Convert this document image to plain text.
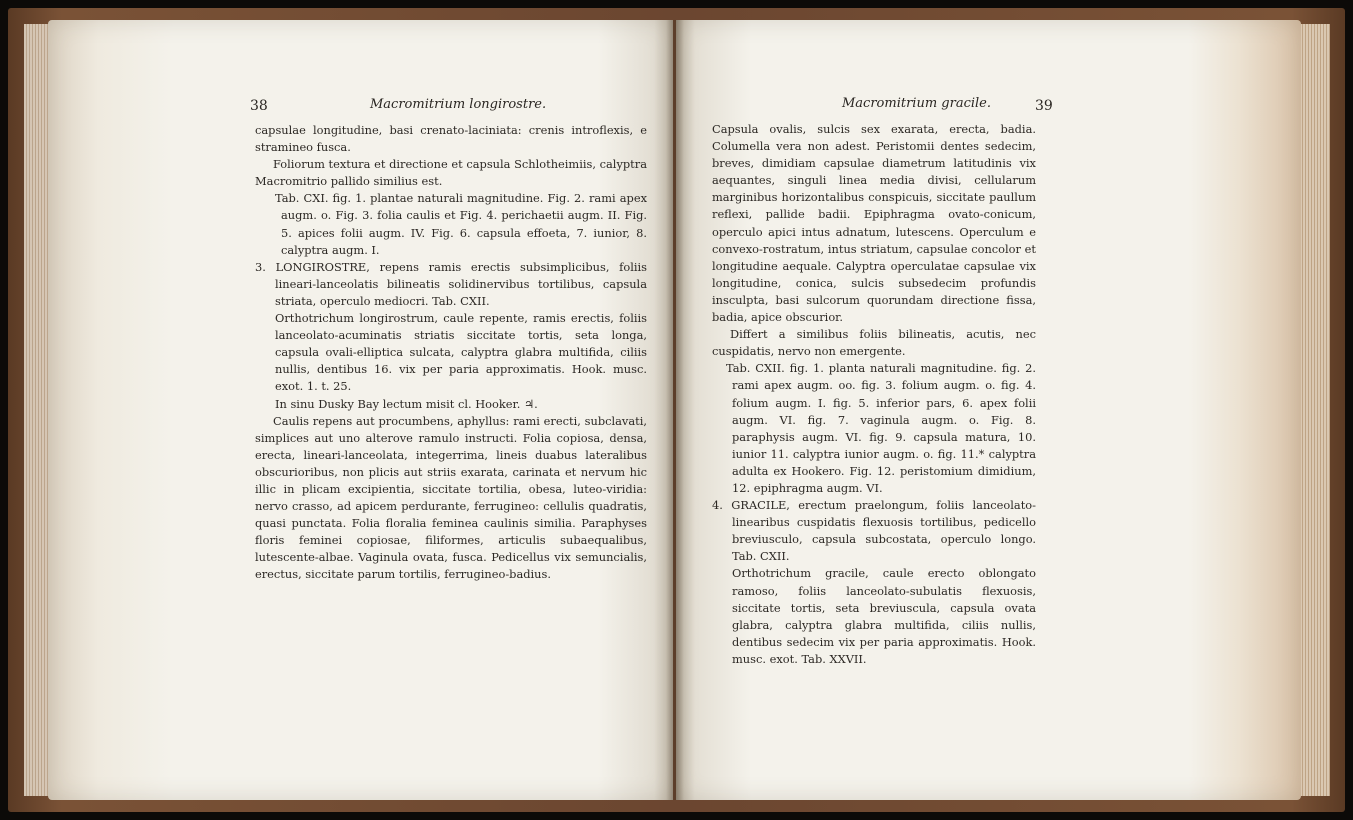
38	Macromitrium longirostre.

capsulae longitudine, basi crenato-laciniata: crenis introflexis, e stramineo fusca.

Foliorum textura et directione et capsula Schlotheimiis, calyptra Macromitrio pallido similius est.

Tab. CXI. fig. 1. plantae naturali magnitudine. Fig. 2. rami apex augm. o. Fig. 3. folia caulis et Fig. 4. perichaetii augm. II. Fig. 5. apices folii augm. IV. Fig. 6. capsula effoeta, 7. iunior, 8. calyptra augm. I.

3. LONGIROSTRE, repens ramis erectis subsimplicibus, foliis lineari-lanceolatis bilineatis solidinervibus tortilibus, capsula striata, operculo mediocri. Tab. CXII.

Orthotrichum longirostrum, caule repente, ramis erectis, foliis lanceolato-acuminatis striatis siccitate tortis, seta longa, capsula ovali-elliptica sulcata, calyptra glabra multifida, ciliis nullis, dentibus 16. vix per paria approximatis. Hook. musc. exot. 1. t. 25.

In sinu Dusky Bay lectum misit cl. Hooker. ♃.

Caulis repens aut procumbens, aphyllus: rami erecti, subclavati, simplices aut uno alterove ramulo instructi. Folia copiosa, densa, erecta, lineari-lanceolata, integerrima, lineis duabus lateralibus obscurioribus, non plicis aut striis exarata, carinata et nervum hic illic in plicam excipientia, siccitate tortilia, obesa, luteo-viridia: nervo crasso, ad apicem perdurante, ferrugineo: cellulis quadratis, quasi punctata. Folia floralia feminea caulinis similia. Paraphyses floris feminei copiosae, filiformes, articulis subaequalibus, lutescente-albae. Vaginula ovata, fusca. Pedicellus vix semuncialis, erectus, siccitate parum tortilis, ferrugineo-badius.

Macromitrium gracile.	39

Capsula ovalis, sulcis sex exarata, erecta, badia. Columella vera non adest. Peristomii dentes sedecim, breves, dimidiam capsulae diametrum latitudinis vix aequantes, singuli linea media divisi, cellularum marginibus horizontalibus conspicuis, siccitate paullum reflexi, pallide badii. Epiphragma ovato-conicum, operculo apici intus adnatum, lutescens. Operculum e convexo-rostratum, intus striatum, capsulae concolor et longitudine aequale. Calyptra operculatae capsulae vix longitudine, conica, sulcis subsedecim profundis insculpta, basi sulcorum quorundam directione fissa, badia, apice obscurior.

Differt a similibus foliis bilineatis, acutis, nec cuspidatis, nervo non emergente.

Tab. CXII. fig. 1. planta naturali magnitudine. fig. 2. rami apex augm. oo. fig. 3. folium augm. o. fig. 4. folium augm. I. fig. 5. inferior pars, 6. apex folii augm. VI. fig. 7. vaginula augm. o. Fig. 8. paraphysis augm. VI. fig. 9. capsula matura, 10. iunior 11. calyptra iunior augm. o. fig. 11.* calyptra adulta ex Hookero. Fig. 12. peristomium dimidium, 12. epiphragma augm. VI.

4. GRACILE, erectum praelongum, foliis lanceolato-linearibus cuspidatis flexuosis tortilibus, pedicello breviusculo, capsula subcostata, operculo longo. Tab. CXII.

Orthotrichum gracile, caule erecto oblongato ramoso, foliis lanceolato-subulatis flexuosis, siccitate tortis, seta breviuscula, capsula ovata glabra, calyptra glabra multifida, ciliis nullis, dentibus sedecim vix per paria approximatis. Hook. musc. exot. Tab. XXVII.
